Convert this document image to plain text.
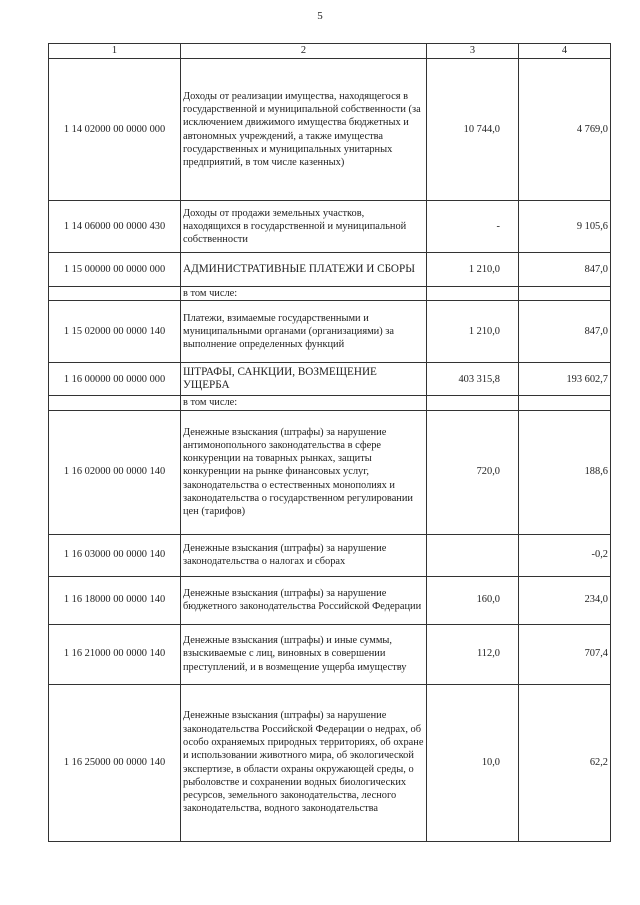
5
1	2	3	4
1 14 02000 00 0000 000	Доходы от реализации имущества, находящегося в государственной и муниципальной собственности (за исключением движимого имущества бюджетных и автономных учреждений, а также имущества государственных и муниципальных унитарных предприятий, в том числе казенных)	10 744,0	4 769,0
1 14 06000 00 0000 430	Доходы от продажи земельных участков, находящихся в государственной и муниципальной собственности	-	9 105,6
1 15 00000 00 0000 000	АДМИНИСТРАТИВНЫЕ ПЛАТЕЖИ И СБОРЫ	1 210,0	847,0
	в том числе:		
1 15 02000 00 0000 140	Платежи, взимаемые государственными и муниципальными органами (организациями) за выполнение определенных функций	1 210,0	847,0
1 16 00000 00 0000 000	ШТРАФЫ, САНКЦИИ, ВОЗМЕЩЕНИЕ УЩЕРБА	403 315,8	193 602,7
	в том числе:		
1 16 02000 00 0000 140	Денежные взыскания (штрафы) за нарушение антимонопольного законодательства в сфере конкуренции на товарных рынках, защиты конкуренции на рынке финансовых услуг, законодательства о естественных монополиях и законодательства о государственном регулировании цен (тарифов)	720,0	188,6
1 16 03000 00 0000 140	Денежные взыскания (штрафы) за нарушение законодательства о налогах и сборах		-0,2
1 16 18000 00 0000 140	Денежные взыскания (штрафы) за нарушение бюджетного законодательства Российской Федерации	160,0	234,0
1 16 21000 00 0000 140	Денежные взыскания (штрафы) и иные суммы, взыскиваемые с лиц, виновных в совершении преступлений, и в возмещение ущерба имуществу	112,0	707,4
1 16 25000 00 0000 140	Денежные взыскания (штрафы) за нарушение законодательства Российской Федерации о недрах, об особо охраняемых природных территориях, об охране и использовании животного мира, об экологической экспертизе, в области охраны окружающей среды, о рыболовстве и сохранении водных биологических ресурсов, земельного законодательства, лесного законодательства, водного законодательства	10,0	62,2
